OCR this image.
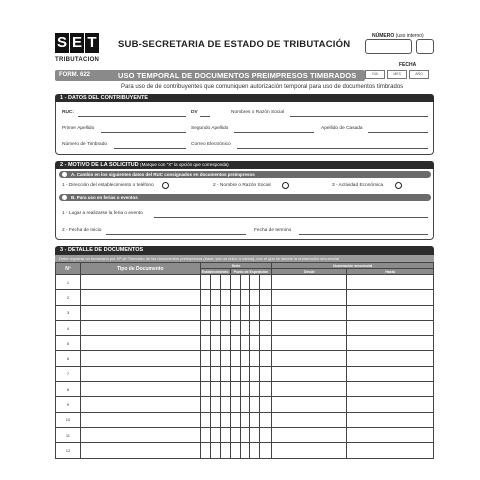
S E T
TRIBUTACION
SUB-SECRETARIA DE ESTADO DE TRIBUTACIÓN
NÚMERO (uso interno)
FECHA
DÍA	MES	AÑO
FORM. 622	USO TEMPORAL DE DOCUMENTOS PREIMPRESOS TIMBRADOS
Para uso de de contribuyentes que comuniquen autorización temporal para uso de documentos timbrados
1 - DATOS DEL CONTRIBUYENTE
RUC:	DV	Nombres o Razón Social
Primer Apellido	Segundo Apellido	Apellido de Casada
Número de Timbrado	Correo Electrónico
2 - MOTIVO DE LA SOLICITUD (Marque con "X" la opción que corresponda)
A. Cambio en los siguientes datos del RUC consignados en documentos preimpresos
1 - Dirección del establecimiento o teléfono	2 - Nombre o Razón Social	3 - Actividad Económica
B. Para uso en ferias o eventos
1 - Lugar a realizarse la feria o evento
2 - Fecha de Inicio	Fecha de termino
3 - DETALLE DE DOCUMENTOS
Debe registrar un formulario por Nº de Timbrado de los documentos preimpresos (base, por un único o varios), con el que se asocie la numeración secuencial
Nº	Tipo de Documento	Serie							Numeración secuencial	
		Establecimiento			Punto de Expedición				Desde	Hasta
1										
2										
3										
4										
5										
6										
7										
8										
9										
10										
11										
12										
